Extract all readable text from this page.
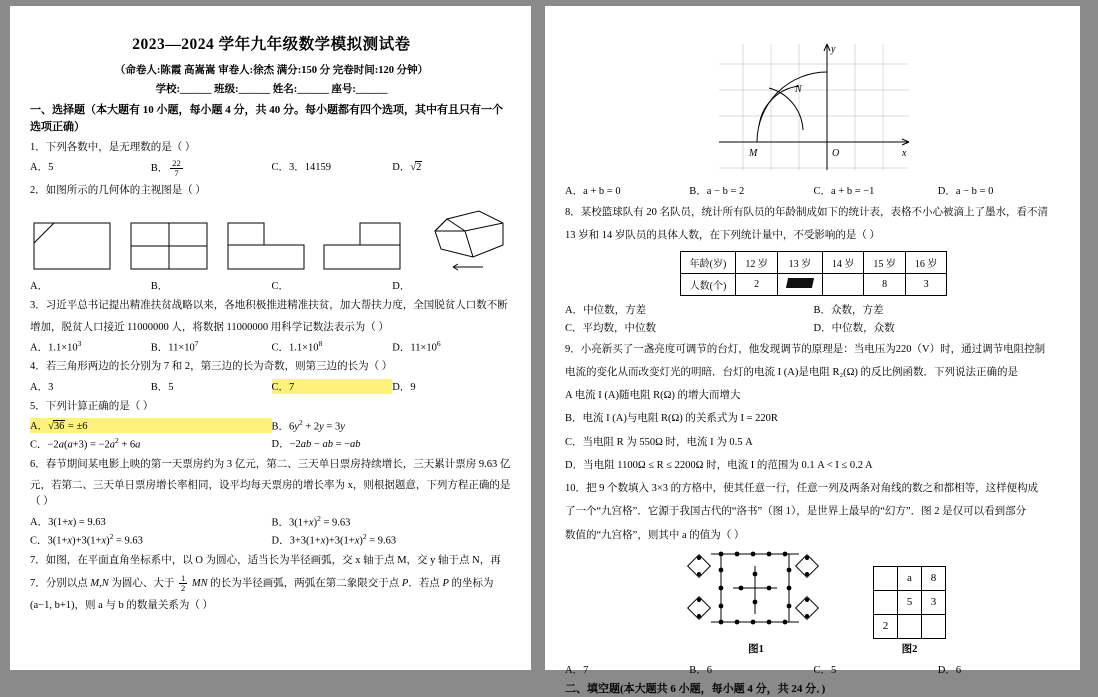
2023—2024 学年九年级数学模拟测试卷
（命卷人:陈霞 高嵩嵩 审卷人:徐杰 满分:150 分 完卷时间:120 分钟）
学校:______ 班级:______ 姓名:______ 座号:______
一、选择题（本大题有 10 小题，每小题 4 分，共 40 分。每小题都有四个选项，其中有且只有一个选项正确）
1．下列各数中，是无理数的是（ ）
A．5	B． $\frac{22}{7}$	C．3．14159	D．√2
2．如图所示的几何体的主视图是（ ）
A．	B．	C．	D．
3．习近平总书记提出精准扶贫战略以来，各地积极推进精准扶贫，加大帮扶力度，全国脱贫人口数不断
增加，脱贫人口接近 11000000 人，将数据 11000000 用科学记数法表示为（ ）
A．$1.1\times 10^3$	B．$11\times 10^7$	C．$1.1\times 10^8$	D．$11\times 10^6$
4．若三角形两边的长分别为 7 和 2，第三边的长为奇数，则第三边的长为（ ）
A．3	B．5	C．7	D．9
5．下列计算正确的是（ ）
A．√36 = ±6	B．$6y^2 + 2y = 3y$
C．$-2a(a+3) = -2a^2 + 6a$	D．−2ab − ab = −ab
6．春节期间某电影上映的第一天票房约为 3 亿元，第二、三天单日票房持续增长，三天累计票房 9.63 亿
元，若第二、三天单日票房增长率相同，设平均每天票房的增长率为 x，则根据题意，下列方程正确的是（ ）
A．3(1+x) = 9.63	B．$3(1+x)^2 = 9.63$
C．$3(1+x)+3(1+x)^2 = 9.63$	D．$3+3(1+x)+3(1+x)^2 = 9.63$
7．如图，在平面直角坐标系中，以 O 为圆心，适当长为半径画弧，交 x 轴于点 M，交 y 轴于点 N，再
7．分别以点 M,N 为圆心、大于 $\frac{1}{2}$ MN 的长为半径画弧，两弧在第二象限交于点 P．若点 P 的坐标为
(a−1, b+1)，则 a 与 b 的数量关系为（ ）
y
x
O
M
N
A．a + b = 0	B．a − b = 2	C．a + b = −1	D．a − b = 0
8．某校篮球队有 20 名队员，统计所有队员的年龄制成如下的统计表，表格不小心被滴上了墨水，看不清
13 岁和 14 岁队员的具体人数，在下列统计量中，不受影响的是（ ）
年龄(岁)	12 岁	13 岁	14 岁	15 岁	16 岁
人数(个)	2			8	3
A．中位数，方差	B．众数，方差
C．平均数，中位数	D．中位数，众数
9．小亮新买了一盏亮度可调节的台灯，他发现调节的原理是：当电压为220（V）时，通过调节电阻控制
电流的变化从而改变灯光的明暗．台灯的电流 I (A)是电阻 R₂(Ω) 的反比例函数．下列说法正确的是
A 电流 I (A)随电阻 R(Ω) 的增大而增大
B．电流 I (A)与电阻 R(Ω) 的关系式为 I = 220R
C．当电阻 R 为 550Ω 时，电流 I 为 0.5 A
D．当电阻 1100Ω ≤ R ≤ 2200Ω 时，电流 I 的范围为 0.1 A < I ≤ 0.2 A
10．把 9 个数填入 3×3 的方格中，使其任意一行，任意一列及两条对角线的数之和都相等，这样便构成
了一个“九宫格”．它源于我国古代的“洛书”（图 1），是世界上最早的“幻方”．图 2 是仅可以看到部分
数值的“九宫格”，则其中 a 的值为（ ）
图1
	a	8
	5	3
2		
图2
A．7	B．6	C．5	D．6
二、填空题(本大题共 6 小题，每小题 4 分，共 24 分．)
